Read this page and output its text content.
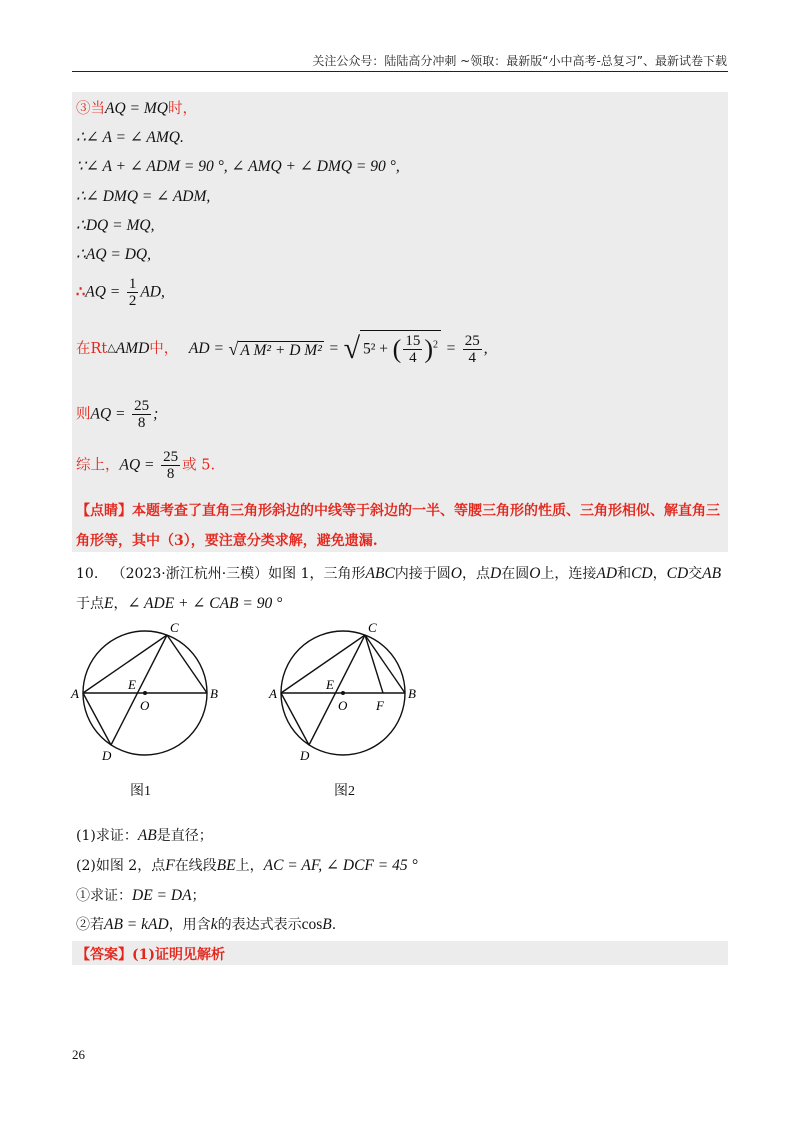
关注公众号：陆陆高分冲刺 ~领取：最新版“小中高考-总复习”、最新试卷下载
③当AQ = MQ时，
∴∠ A = ∠ AMQ.
∵∠ A + ∠ ADM = 90 °, ∠ AMQ + ∠ DMQ = 90 °,
∴∠ DMQ = ∠ ADM,
∴DQ = MQ,
∴AQ = DQ,
∴AQ = $\frac{1}{2}$ AD,
在Rt△AMD中， AD = √ A M² + D M² = √ 5² + ( $\frac{15}{4} )^2 = \frac{25}{4}$ ,
则AQ = $\frac{25}{8}$ ;
综上，AQ = $\frac{25}{8}$ 或 5.
【点睛】本题考查了直角三角形斜边的中线等于斜边的一半、等腰三角形的性质、三角形相似、解直角三
角形等，其中（3），要注意分类求解，避免遗漏.
10. （2023·浙江杭州·三模）如图 1，三角形ABC内接于圆O，点D在圆O上，连接AD和CD，CD交AB
于点E，∠ ADE + ∠ CAB = 90 °
C
A	B
E
O
D
C
A	B
E
O F
D
图1	图2
(1)求证：AB是直径；
(2)如图 2，点F在线段BE上，AC = AF, ∠ DCF = 45 °
①求证：DE = DA；
②若AB = kAD，用含k的表达式表示cosB.
【答案】(1)证明见解析
26
